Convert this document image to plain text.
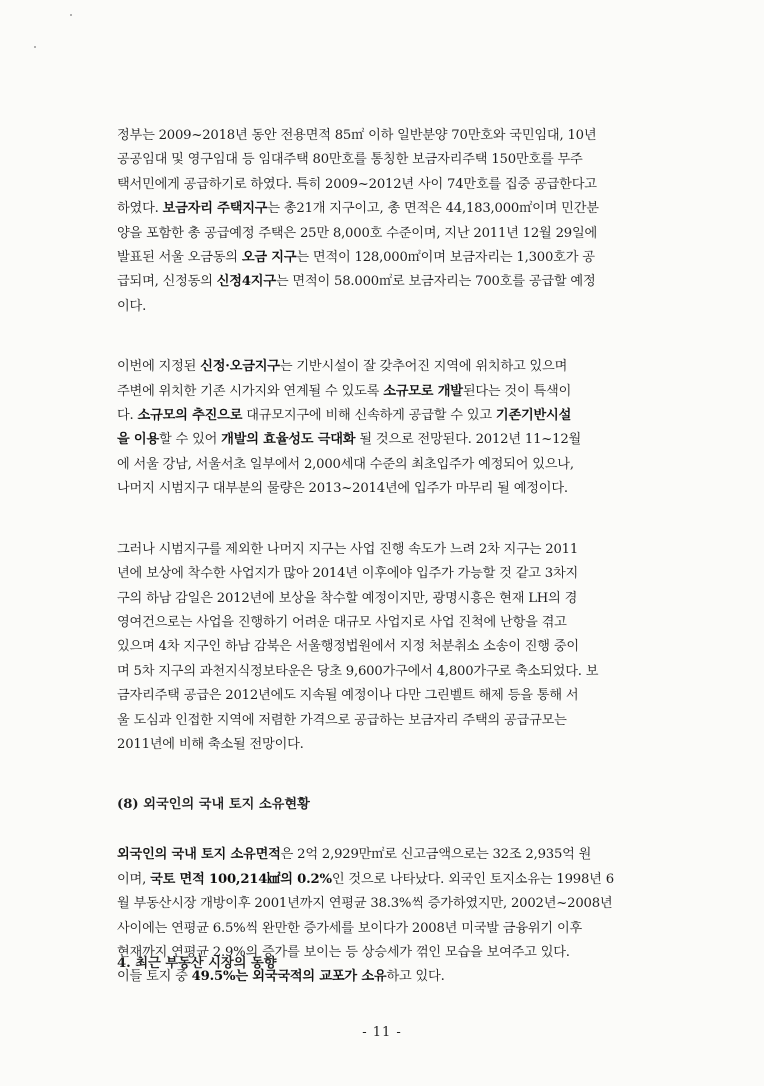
정부는 2009~2018년 동안 전용면적 85㎡ 이하 일반분양 70만호와 국민임대, 10년
공공임대 및 영구임대 등 임대주택 80만호를 통칭한 보금자리주택 150만호를 무주
택서민에게 공급하기로 하였다. 특히 2009~2012년 사이 74만호를 집중 공급한다고
하였다. 보금자리 주택지구는 총21개 지구이고, 총 면적은 44,183,000㎡이며 민간분
양을 포함한 총 공급예정 주택은 25만 8,000호 수준이며, 지난 2011년 12월 29일에
발표된 서울 오금동의 오금 지구는 면적이 128,000㎡이며 보금자리는 1,300호가 공
급되며, 신정동의 신정4지구는 면적이 58.000㎡로 보금자리는 700호를 공급할 예정
이다.
이번에 지정된 신정·오금지구는 기반시설이 잘 갖추어진 지역에 위치하고 있으며
주변에 위치한 기존 시가지와 연계될 수 있도록 소규모로 개발된다는 것이 특색이
다. 소규모의 추진으로 대규모지구에 비해 신속하게 공급할 수 있고 기존기반시설
을 이용할 수 있어 개발의 효율성도 극대화 될 것으로 전망된다. 2012년 11~12월
에 서울 강남, 서울서초 일부에서 2,000세대 수준의 최초입주가 예정되어 있으나,
나머지 시범지구 대부분의 물량은 2013~2014년에 입주가 마무리 될 예정이다.
그러나 시범지구를 제외한 나머지 지구는 사업 진행 속도가 느려 2차 지구는 2011
년에 보상에 착수한 사업지가 많아 2014년 이후에야 입주가 가능할 것 같고 3차지
구의 하남 감일은 2012년에 보상을 착수할 예정이지만, 광명시흥은 현재 LH의 경
영여건으로는 사업을 진행하기 어려운 대규모 사업지로 사업 진척에 난항을 겪고
있으며 4차 지구인 하남 감북은 서울행정법원에서 지정 처분취소 소송이 진행 중이
며 5차 지구의 과천지식정보타운은 당초 9,600가구에서 4,800가구로 축소되었다. 보
금자리주택 공급은 2012년에도 지속될 예정이나 다만 그린벨트 해제 등을 통해 서
울 도심과 인접한 지역에 저렴한 가격으로 공급하는 보금자리 주택의 공급규모는
2011년에 비해 축소될 전망이다.
(8) 외국인의 국내 토지 소유현황
외국인의 국내 토지 소유면적은 2억 2,929만㎡로 신고금액으로는 32조 2,935억 원
이며, 국토 면적 100,214㎢의 0.2%인 것으로 나타났다. 외국인 토지소유는 1998년 6
월 부동산시장 개방이후 2001년까지 연평균 38.3%씩 증가하였지만, 2002년~2008년
사이에는 연평균 6.5%씩 완만한 증가세를 보이다가 2008년 미국발 금융위기 이후
현재까지 연평균 2.9%의 증가를 보이는 등 상승세가 꺾인 모습을 보여주고 있다.
이들 토지 중 49.5%는 외국국적의 교포가 소유하고 있다.
4. 최근 부동산 시장의 동향
- 11 -
